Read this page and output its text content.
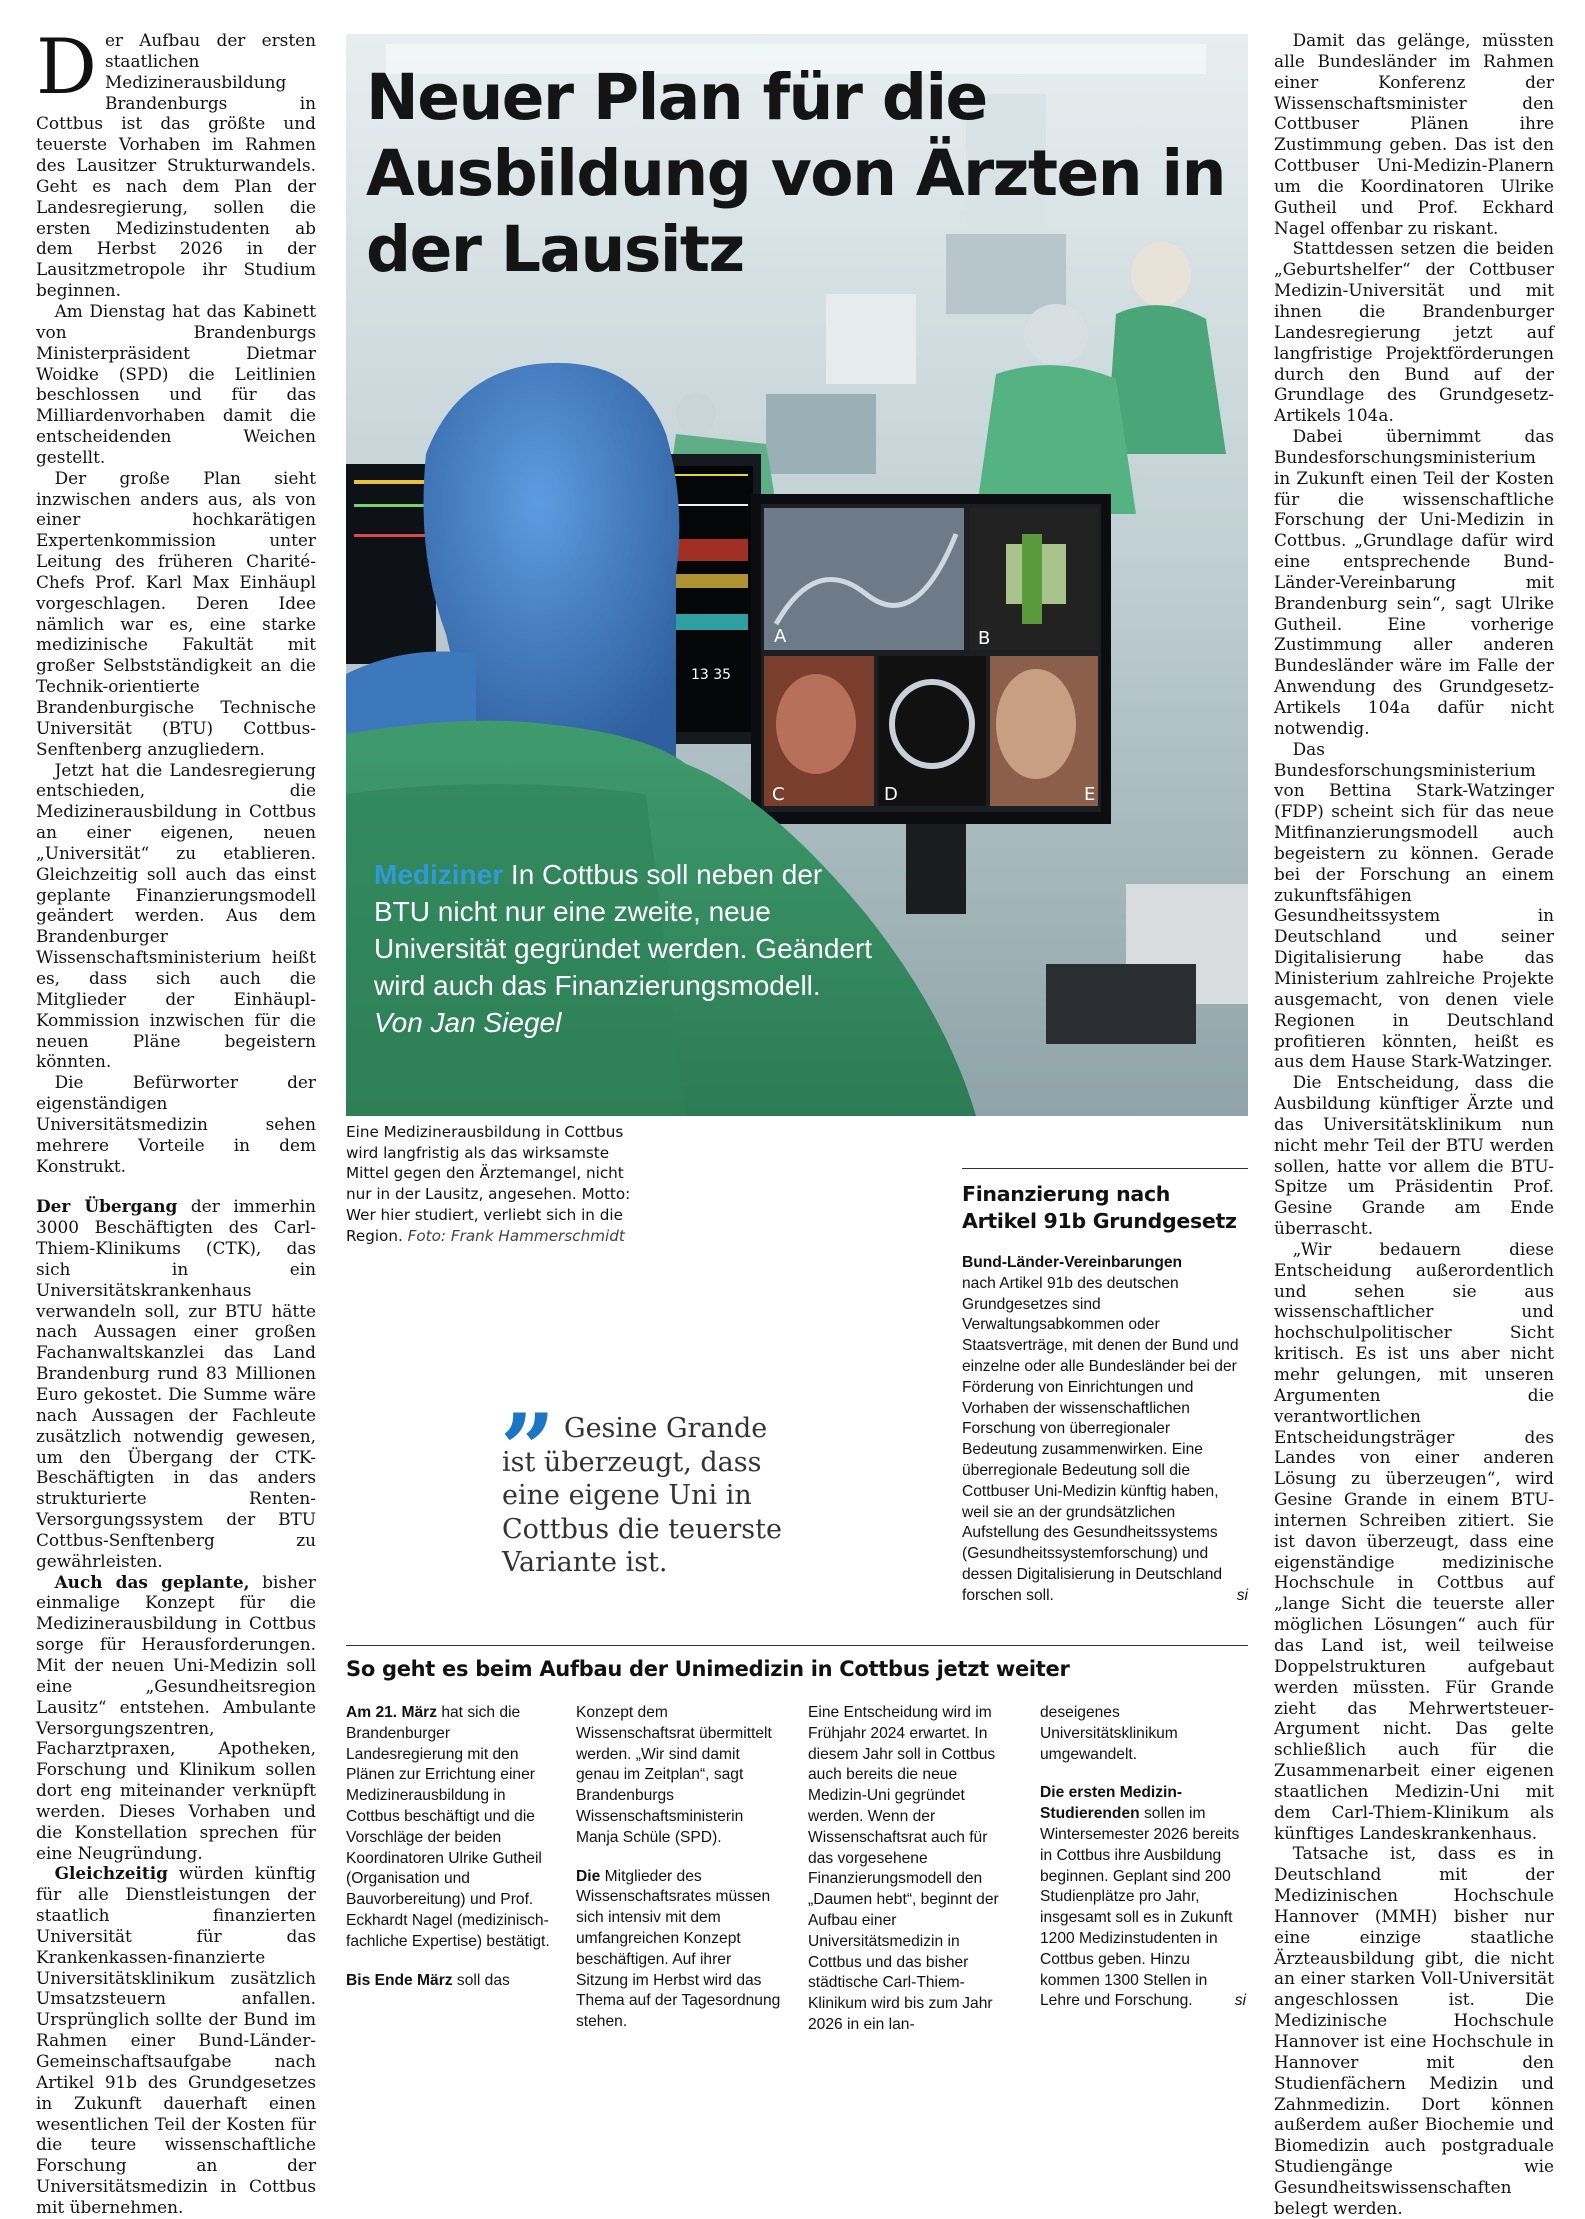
Der Aufbau der ersten staatlichen Medizinerausbildung Brandenburgs in Cottbus ist das größte und teuerste Vorhaben im Rahmen des Lausitzer Strukturwandels. Geht es nach dem Plan der Landesregierung, sollen die ersten Medizinstudenten ab dem Herbst 2026 in der Lausitzmetropole ihr Studium beginnen.

Am Dienstag hat das Kabinett von Brandenburgs Ministerpräsident Dietmar Woidke (SPD) die Leitlinien beschlossen und für das Milliardenvorhaben damit die entscheidenden Weichen gestellt.

Der große Plan sieht inzwischen anders aus, als von einer hochkarätigen Expertenkommission unter Leitung des früheren Charité-Chefs Prof. Karl Max Einhäupl vorgeschlagen. Deren Idee nämlich war es, eine starke medizinische Fakultät mit großer Selbstständigkeit an die Technik-orientierte Brandenburgische Technische Universität (BTU) Cottbus-Senftenberg anzugliedern.

Jetzt hat die Landesregierung entschieden, die Medizinerausbildung in Cottbus an einer eigenen, neuen „Universität“ zu etablieren. Gleichzeitig soll auch das einst geplante Finanzierungsmodell geändert werden. Aus dem Brandenburger Wissenschaftsministerium heißt es, dass sich auch die Mitglieder der Einhäupl-Kommission inzwischen für die neuen Pläne begeistern könnten.

Die Befürworter der eigenständigen Universitätsmedizin sehen mehrere Vorteile in dem Konstrukt.

Der Übergang der immerhin 3000 Beschäftigten des Carl-Thiem-Klinikums (CTK), das sich in ein Universitätskrankenhaus verwandeln soll, zur BTU hätte nach Aussagen einer großen Fachanwaltskanzlei das Land Brandenburg rund 83 Millionen Euro gekostet. Die Summe wäre nach Aussagen der Fachleute zusätzlich notwendig gewesen, um den Übergang der CTK-Beschäftigten in das anders strukturierte Renten-Versorgungssystem der BTU Cottbus-Senftenberg zu gewährleisten.

Auch das geplante, bisher einmalige Konzept für die Medizinerausbildung in Cottbus sorge für Herausforderungen. Mit der neuen Uni-Medizin soll eine „Gesundheitsregion Lausitz“ entstehen. Ambulante Versorgungszentren, Facharztpraxen, Apotheken, Forschung und Klinikum sollen dort eng miteinander verknüpft werden. Dieses Vorhaben und die Konstellation sprechen für eine Neugründung.

Gleichzeitig würden künftig für alle Dienstleistungen der staatlich finanzierten Universität für das Krankenkassen-finanzierte Universitätsklinikum zusätzlich Umsatzsteuern anfallen. Ursprünglich sollte der Bund im Rahmen einer Bund-Länder-Gemeinschaftsaufgabe nach Artikel 91b des Grundgesetzes in Zukunft dauerhaft einen wesentlichen Teil der Kosten für die teure wissenschaftliche Forschung an der Universitätsmedizin in Cottbus mit übernehmen.

13 35
A	B
C	D	E
Neuer Plan für die Ausbildung von Ärzten in der Lausitz

Mediziner In Cottbus soll neben der BTU nicht nur eine zweite, neue Universität gegründet werden. Geändert wird auch das Finanzierungsmodell. Von Jan Siegel

Eine Medizinerausbildung in Cottbus wird langfristig als das wirksamste Mittel gegen den Ärztemangel, nicht nur in der Lausitz, angesehen. Motto: Wer hier studiert, verliebt sich in die Region. Foto: Frank Hammerschmidt

” Gesine Grande ist überzeugt, dass eine eigene Uni in Cottbus die teuerste Variante ist.

Finanzierung nach Artikel 91b Grundgesetz

Bund-Länder-Vereinbarungen
nach Artikel 91b des deutschen Grundgesetzes sind Verwaltungsabkommen oder Staatsverträge, mit denen der Bund und einzelne oder alle Bundesländer bei der Förderung von Einrichtungen und Vorhaben der wissenschaftlichen Forschung von überregionaler Bedeutung zusammenwirken. Eine überregionale Bedeutung soll die Cottbuser Uni-Medizin künftig haben, weil sie an der grundsätzlichen Aufstellung des Gesundheitssystems (Gesundheitssystemforschung) und dessen Digitalisierung in Deutschland forschen soll.	si

Damit das gelänge, müssten alle Bundesländer im Rahmen einer Konferenz der Wissenschaftsminister den Cottbuser Plänen ihre Zustimmung geben. Das ist den Cottbuser Uni-Medizin-Planern um die Koordinatoren Ulrike Gutheil und Prof. Eckhard Nagel offenbar zu riskant.

Stattdessen setzen die beiden „Geburtshelfer“ der Cottbuser Medizin-Universität und mit ihnen die Brandenburger Landesregierung jetzt auf langfristige Projektförderungen durch den Bund auf der Grundlage des Grundgesetz-Artikels 104a.

Dabei übernimmt das Bundesforschungsministerium in Zukunft einen Teil der Kosten für die wissenschaftliche Forschung der Uni-Medizin in Cottbus. „Grundlage dafür wird eine entsprechende Bund-Länder-Vereinbarung mit Brandenburg sein“, sagt Ulrike Gutheil. Eine vorherige Zustimmung aller anderen Bundesländer wäre im Falle der Anwendung des Grundgesetz-Artikels 104a dafür nicht notwendig.

Das Bundesforschungsministerium von Bettina Stark-Watzinger (FDP) scheint sich für das neue Mitfinanzierungsmodell auch begeistern zu können. Gerade bei der Forschung an einem zukunftsfähigen Gesundheitssystem in Deutschland und seiner Digitalisierung habe das Ministerium zahlreiche Projekte ausgemacht, von denen viele Regionen in Deutschland profitieren könnten, heißt es aus dem Hause Stark-Watzinger.

Die Entscheidung, dass die Ausbildung künftiger Ärzte und das Universitätsklinikum nun nicht mehr Teil der BTU werden sollen, hatte vor allem die BTU-Spitze um Präsidentin Prof. Gesine Grande am Ende überrascht.

„Wir bedauern diese Entscheidung außerordentlich und sehen sie aus wissenschaftlicher und hochschulpolitischer Sicht kritisch. Es ist uns aber nicht mehr gelungen, mit unseren Argumenten die verantwortlichen Entscheidungsträger des Landes von einer anderen Lösung zu überzeugen“, wird Gesine Grande in einem BTU-internen Schreiben zitiert. Sie ist davon überzeugt, dass eine eigenständige medizinische Hochschule in Cottbus auf „lange Sicht die teuerste aller möglichen Lösungen“ auch für das Land ist, weil teilweise Doppelstrukturen aufgebaut werden müssten. Für Grande zieht das Mehrwertsteuer-Argument nicht. Das gelte schließlich auch für die Zusammenarbeit einer eigenen staatlichen Medizin-Uni mit dem Carl-Thiem-Klinikum als künftiges Landeskrankenhaus.

Tatsache ist, dass es in Deutschland mit der Medizinischen Hochschule Hannover (MMH) bisher nur eine einzige staatliche Ärzteausbildung gibt, die nicht an einer starken Voll-Universität angeschlossen ist. Die Medizinische Hochschule Hannover ist eine Hochschule in Hannover mit den Studienfächern Medizin und Zahnmedizin. Dort können außerdem außer Biochemie und Biomedizin auch postgraduale Studiengänge wie Gesundheitswissenschaften belegt werden.

So geht es beim Aufbau der Unimedizin in Cottbus jetzt weiter

Am 21. März hat sich die Brandenburger Landesregierung mit den Plänen zur Errichtung einer Medizinerausbildung in Cottbus beschäftigt und die Vorschläge der beiden Koordinatoren Ulrike Gutheil (Organisation und Bauvorbereitung) und Prof. Eckhardt Nagel (medizinisch-fachliche Expertise) bestätigt.

Bis Ende März soll das

Konzept dem Wissenschaftsrat übermittelt werden. „Wir sind damit genau im Zeitplan“, sagt Brandenburgs Wissenschaftsministerin Manja Schüle (SPD).

Die Mitglieder des Wissenschaftsrates müssen sich intensiv mit dem umfangreichen Konzept beschäftigen. Auf ihrer Sitzung im Herbst wird das Thema auf der Tagesordnung stehen.

Eine Entscheidung wird im Frühjahr 2024 erwartet. In diesem Jahr soll in Cottbus auch bereits die neue Medizin-Uni gegründet werden. Wenn der Wissenschaftsrat auch für das vorgesehene Finanzierungsmodell den „Daumen hebt“, beginnt der Aufbau einer Universitätsmedizin in Cottbus und das bisher städtische Carl-Thiem-Klinikum wird bis zum Jahr 2026 in ein lan-

deseigenes Universitätsklinikum umgewandelt.

Die ersten Medizin-Studierenden sollen im Wintersemester 2026 bereits in Cottbus ihre Ausbildung beginnen. Geplant sind 200 Studienplätze pro Jahr, insgesamt soll es in Zukunft 1200 Medizinstudenten in Cottbus geben. Hinzu kommen 1300 Stellen in Lehre und Forschung.	si
